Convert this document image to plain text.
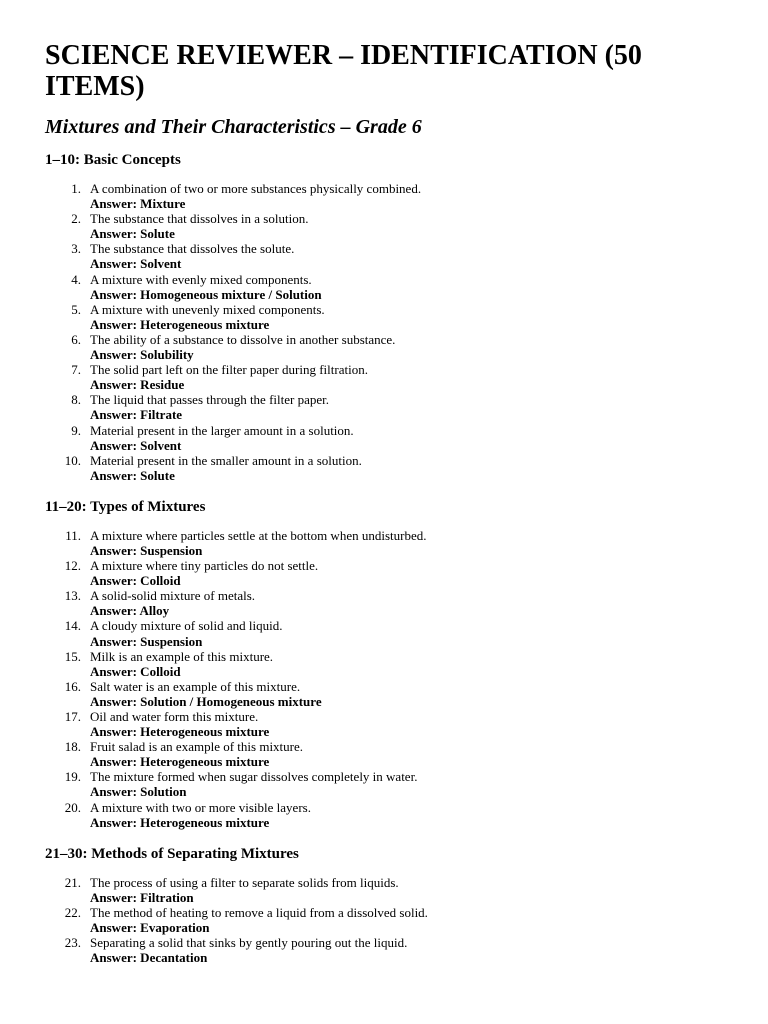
SCIENCE REVIEWER – IDENTIFICATION (50 ITEMS)
Mixtures and Their Characteristics – Grade 6
1–10: Basic Concepts
1. A combination of two or more substances physically combined.
Answer: Mixture
2. The substance that dissolves in a solution.
Answer: Solute
3. The substance that dissolves the solute.
Answer: Solvent
4. A mixture with evenly mixed components.
Answer: Homogeneous mixture / Solution
5. A mixture with unevenly mixed components.
Answer: Heterogeneous mixture
6. The ability of a substance to dissolve in another substance.
Answer: Solubility
7. The solid part left on the filter paper during filtration.
Answer: Residue
8. The liquid that passes through the filter paper.
Answer: Filtrate
9. Material present in the larger amount in a solution.
Answer: Solvent
10. Material present in the smaller amount in a solution.
Answer: Solute
11–20: Types of Mixtures
11. A mixture where particles settle at the bottom when undisturbed.
Answer: Suspension
12. A mixture where tiny particles do not settle.
Answer: Colloid
13. A solid-solid mixture of metals.
Answer: Alloy
14. A cloudy mixture of solid and liquid.
Answer: Suspension
15. Milk is an example of this mixture.
Answer: Colloid
16. Salt water is an example of this mixture.
Answer: Solution / Homogeneous mixture
17. Oil and water form this mixture.
Answer: Heterogeneous mixture
18. Fruit salad is an example of this mixture.
Answer: Heterogeneous mixture
19. The mixture formed when sugar dissolves completely in water.
Answer: Solution
20. A mixture with two or more visible layers.
Answer: Heterogeneous mixture
21–30: Methods of Separating Mixtures
21. The process of using a filter to separate solids from liquids.
Answer: Filtration
22. The method of heating to remove a liquid from a dissolved solid.
Answer: Evaporation
23. Separating a solid that sinks by gently pouring out the liquid.
Answer: Decantation
